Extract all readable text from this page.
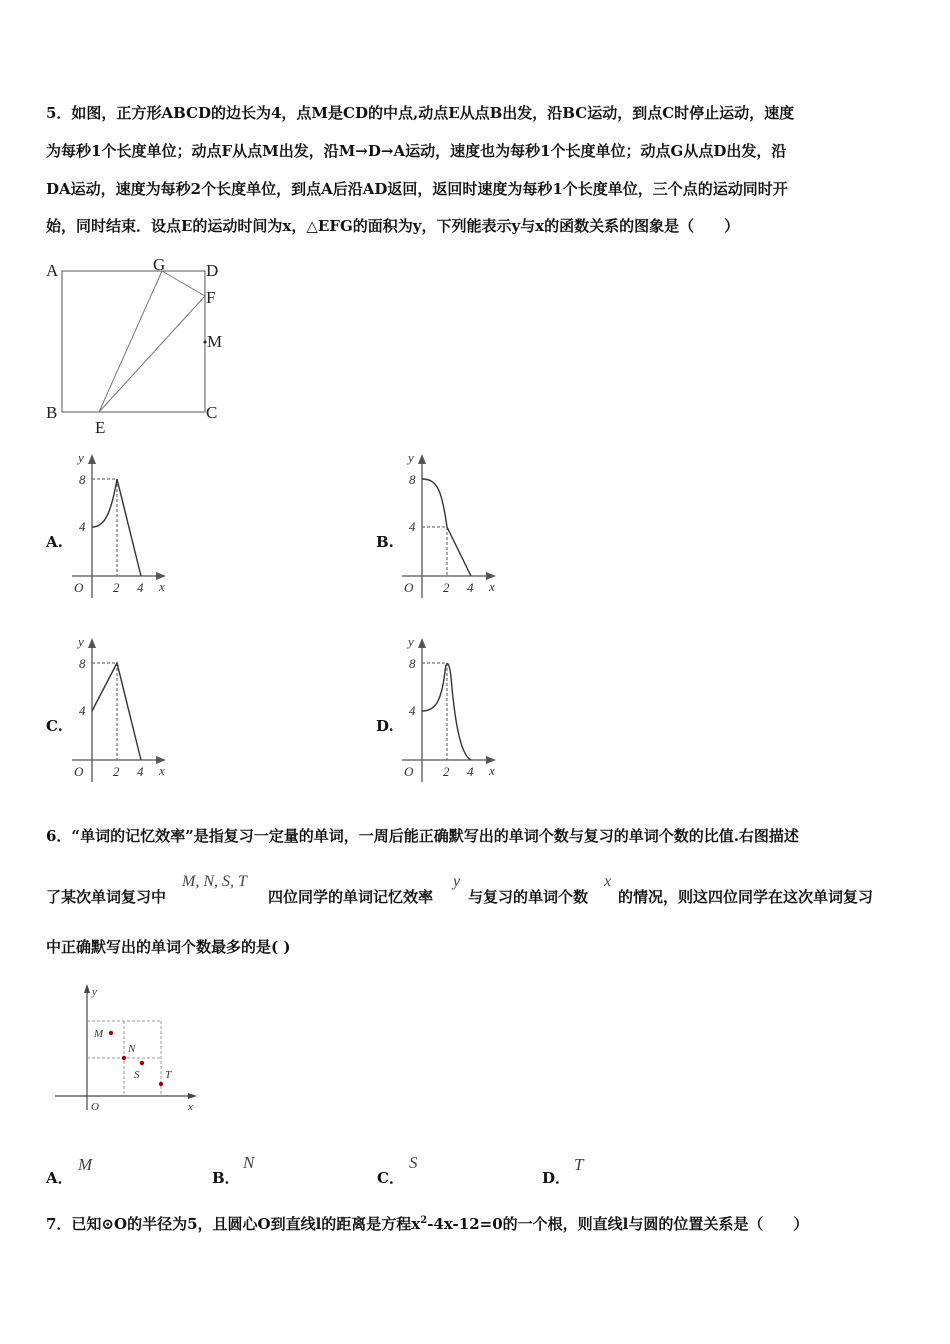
5．如图，正方形ABCD的边长为4，点M是CD的中点,动点E从点B出发，沿BC运动，到点C时停止运动，速度
为每秒1个长度单位；动点F从点M出发，沿M→D→A运动，速度也为每秒1个长度单位；动点G从点D出发，沿
DA运动，速度为每秒2个长度单位，到点A后沿AD返回，返回时速度为每秒1个长度单位，三个点的运动同时开
始，同时结束．设点E的运动时间为x，△EFG的面积为y，下列能表示y与x的函数关系的图象是（　　）
A	G D
F
M
B	C
E
A.	B.
C.	D.
y
8
4
O 2 4 x
y
8
4
O 2 4 x
y
8
4
O 2 4 x
y
8
4
O 2 4 x
6．“单词的记忆效率”是指复习一定量的单词，一周后能正确默写出的单词个数与复习的单词个数的比值.右图描述
了某次单词复习中
M, N, S, T
四位同学的单词记忆效率
y
与复习的单词个数
x
的情况，则这四位同学在这次单词复习
中正确默写出的单词个数最多的是( )
y
M
N
S T
O	x
A．
M
B．
N
C．
S
D．
T
7．已知⊙O的半径为5，且圆心O到直线l的距离是方程$x^2-4x-12=0$的一个根，则直线l与圆的位置关系是（　　）
